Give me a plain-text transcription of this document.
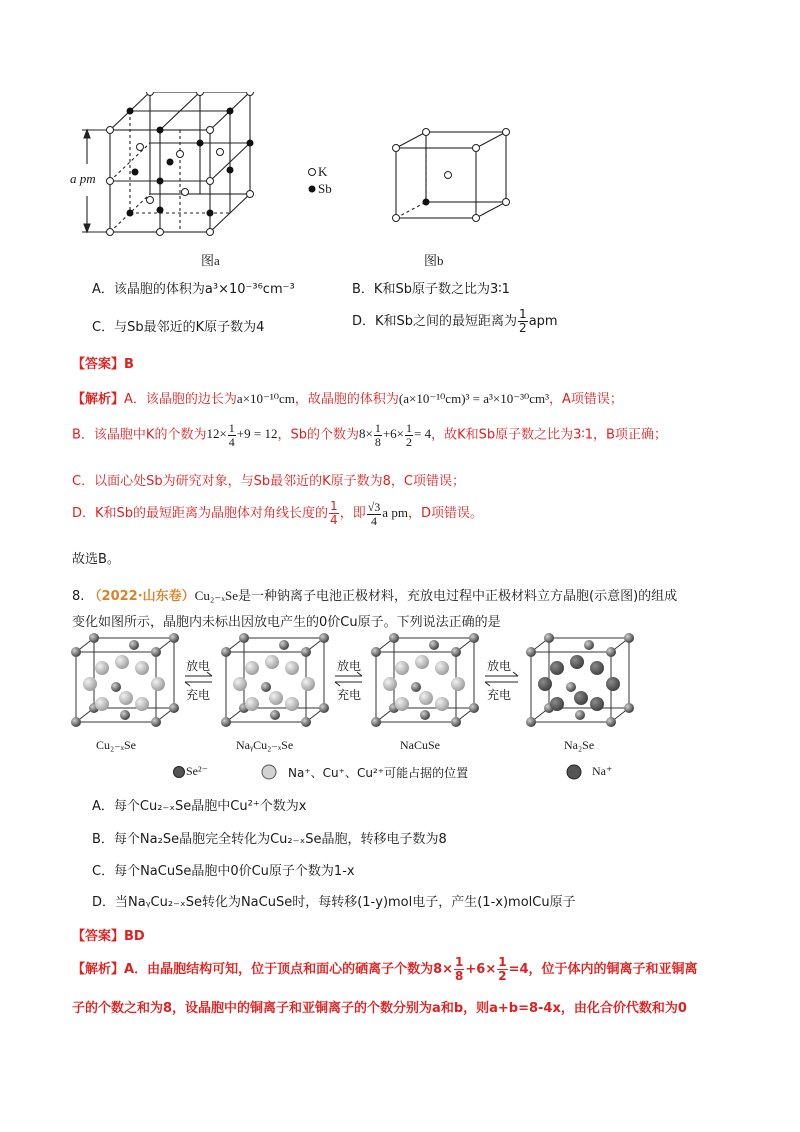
a pm	K
Sb
图a	图b
A．该晶胞的体积为a³×10⁻³⁶cm⁻³	B．K和Sb原子数之比为3∶1
C．与Sb最邻近的K原子数为4	D．K和Sb之间的最短距离为 $\frac{1}{2}$ apm
【答案】B
【解析】A．该晶胞的边长为a×10⁻¹⁰cm，故晶胞的体积为(a×10⁻¹⁰cm)³ = a³×10⁻³⁰cm³，A项错误；
B．该晶胞中K的个数为$12\times \frac{1}{4} +9 = 12$，Sb的个数为$8\times \frac{1}{8} +6\times \frac{1}{2} = 4$，故K和Sb原子数之比为3∶1，B项正确；
C．以面心处Sb为研究对象，与Sb最邻近的K原子数为8，C项错误；
D．K和Sb的最短距离为晶胞体对角线长度的 $\frac{1}{4}$ ，即 $\frac{√3}{4}$ a pm，D项错误。
故选B。
8. （2022·山东卷）Cu₂₋ₓSe是一种钠离子电池正极材料，充放电过程中正极材料立方晶胞(示意图)的组成
变化如图所示，晶胞内未标出因放电产生的0价Cu原子。下列说法正确的是
放电
充电
放电
充电
放电
充电
Cu₂₋ₓSe	NaᵧCu₂₋ₓSe	NaCuSe	Na₂Se
Se²⁻	Na⁺、Cu⁺、Cu²⁺可能占据的位置	Na⁺
A．每个Cu₂₋ₓSe晶胞中Cu²⁺个数为x
B．每个Na₂Se晶胞完全转化为Cu₂₋ₓSe晶胞，转移电子数为8
C．每个NaCuSe晶胞中0价Cu原子个数为1-x
D．当NaᵧCu₂₋ₓSe转化为NaCuSe时，每转移(1-y)mol电子，产生(1-x)molCu原子
【答案】BD
【解析】A．由晶胞结构可知，位于顶点和面心的硒离子个数为$8\times \frac{1}{8} +6\times \frac{1}{2} =4$，位于体内的铜离子和亚铜离
子的个数之和为8，设晶胞中的铜离子和亚铜离子的个数分别为a和b，则a+b=8-4x，由化合价代数和为0
